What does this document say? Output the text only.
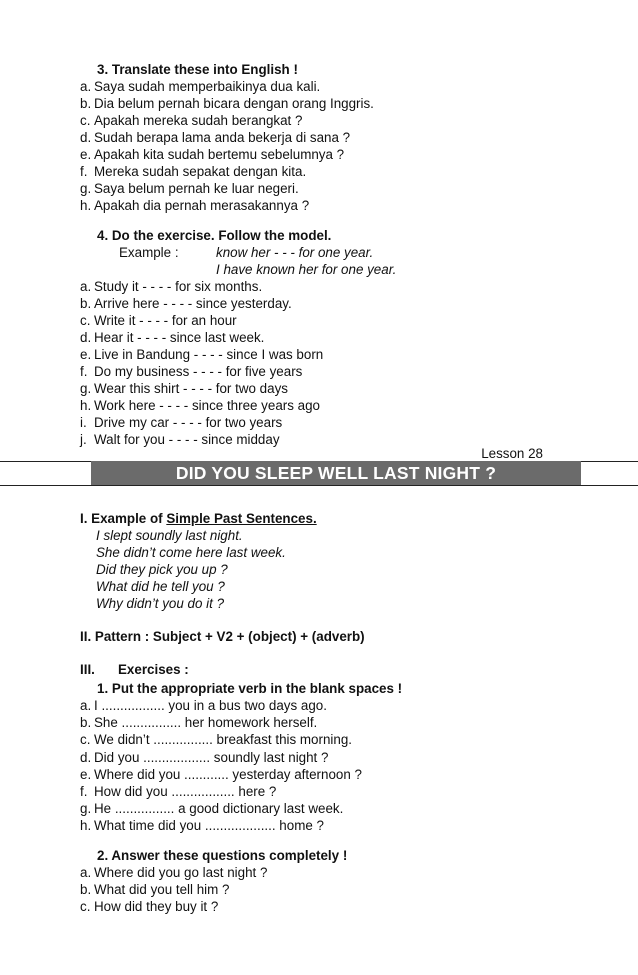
3. Translate these into English !
a. Saya sudah memperbaikinya dua kali.
b. Dia belum pernah bicara dengan orang Inggris.
c. Apakah mereka sudah berangkat ?
d. Sudah berapa lama anda bekerja di sana ?
e. Apakah kita sudah bertemu sebelumnya ?
f. Mereka sudah sepakat dengan kita.
g. Saya belum pernah ke luar negeri.
h. Apakah dia pernah merasakannya ?
4. Do the exercise. Follow the model.
Example :	know her - - - for one year.
I have known her for one year.
a. Study it - - - - for six months.
b. Arrive here - - - - since yesterday.
c. Write it - - - - for an hour
d. Hear it - - - - since last week.
e. Live in Bandung - - - - since I was born
f. Do my business - - - - for five years
g. Wear this shirt - - - - for two days
h. Work here - - - - since three years ago
i. Drive my car - - - - for two years
j. Walt for you - - - - since midday
Lesson 28
DID YOU SLEEP WELL LAST NIGHT ?
I. Example of Simple Past Sentences.
I slept soundly last night.
She didn’t come here last week.
Did they pick you up ?
What did he tell you ?
Why didn’t you do it ?
II. Pattern : Subject + V2 + (object) + (adverb)
III. Exercises :
1. Put the appropriate verb in the blank spaces !
a. I ................. you in a bus two days ago.
b. She ................ her homework herself.
c. We didn’t ................ breakfast this morning.
d. Did you .................. soundly last night ?
e. Where did you ............ yesterday afternoon ?
f. How did you ................. here ?
g. He ................ a good dictionary last week.
h. What time did you ................... home ?
2. Answer these questions completely !
a. Where did you go last night ?
b. What did you tell him ?
c. How did they buy it ?
